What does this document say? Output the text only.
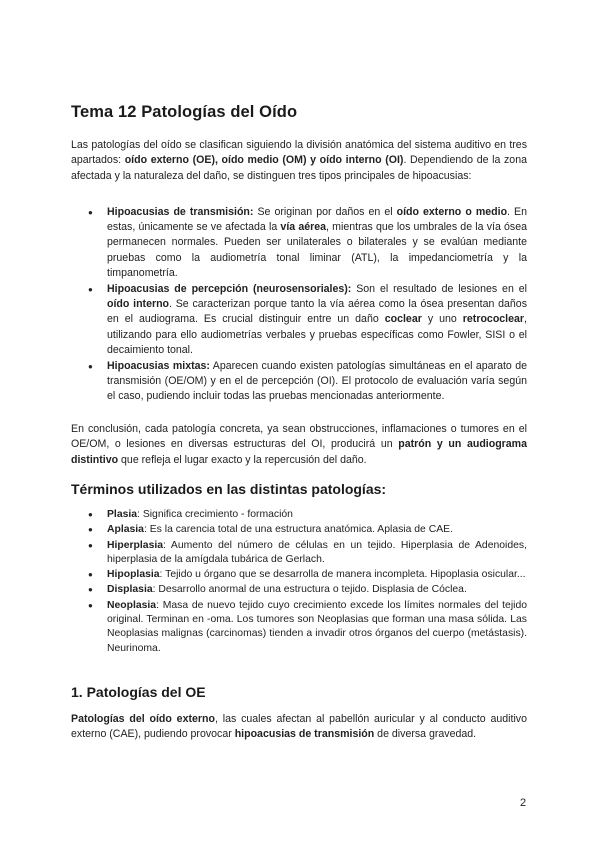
Tema 12 Patologías del Oído

Las patologías del oído se clasifican siguiendo la división anatómica del sistema auditivo en tres apartados: oído externo (OE), oído medio (OM) y oído interno (OI). Dependiendo de la zona afectada y la naturaleza del daño, se distinguen tres tipos principales de hipoacusias:

● Hipoacusias de transmisión: Se originan por daños en el oído externo o medio. En estas, únicamente se ve afectada la vía aérea, mientras que los umbrales de la vía ósea permanecen normales. Pueden ser unilaterales o bilaterales y se evalúan mediante pruebas como la audiometría tonal liminar (ATL), la impedanciometría y la timpanometría.
● Hipoacusias de percepción (neurosensoriales): Son el resultado de lesiones en el oído interno. Se caracterizan porque tanto la vía aérea como la ósea presentan daños en el audiograma. Es crucial distinguir entre un daño coclear y uno retrococlear, utilizando para ello audiometrías verbales y pruebas específicas como Fowler, SISI o el decaimiento tonal.
● Hipoacusias mixtas: Aparecen cuando existen patologías simultáneas en el aparato de transmisión (OE/OM) y en el de percepción (OI). El protocolo de evaluación varía según el caso, pudiendo incluir todas las pruebas mencionadas anteriormente.

En conclusión, cada patología concreta, ya sean obstrucciones, inflamaciones o tumores en el OE/OM, o lesiones en diversas estructuras del OI, producirá un patrón y un audiograma distintivo que refleja el lugar exacto y la repercusión del daño.

Términos utilizados en las distintas patologías:
● Plasia: Significa crecimiento - formación
● Aplasia: Es la carencia total de una estructura anatómica. Aplasia de CAE.
● Hiperplasia: Aumento del número de células en un tejido. Hiperplasia de Adenoides, hiperplasia de la amígdala tubárica de Gerlach.
● Hipoplasia: Tejido u órgano que se desarrolla de manera incompleta. Hipoplasia osicular...
● Displasia: Desarrollo anormal de una estructura o tejido. Displasia de Cóclea.
● Neoplasia: Masa de nuevo tejido cuyo crecimiento excede los límites normales del tejido original. Terminan en -oma. Los tumores son Neoplasias que forman una masa sólida. Las Neoplasias malignas (carcinomas) tienden a invadir otros órganos del cuerpo (metástasis). Neurinoma.
1. Patologías del OE

Patologías del oído externo, las cuales afectan al pabellón auricular y al conducto auditivo externo (CAE), pudiendo provocar hipoacusias de transmisión de diversa gravedad.

2
